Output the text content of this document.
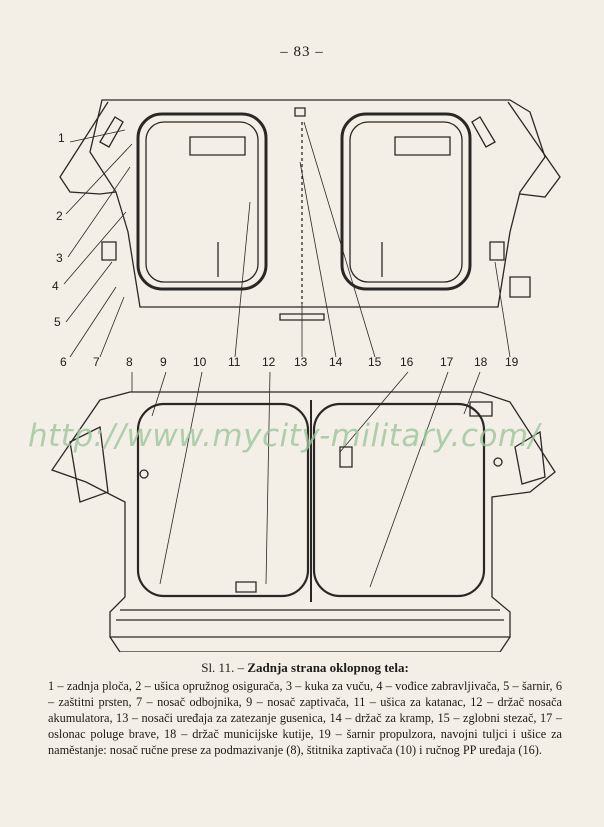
– 83 –
1
2
3
4
5
6 7	11	13 14 15	19
8 9 10	12	16 17 18
http://www.mycity-military.com/
Sl. 11. – Zadnja strana oklopnog tela:
1 – zadnja ploča, 2 – ušica opružnog osigurača, 3 – kuka za vuču, 4 – vođice zabravljivača, 5 – šarnir, 6 – zaštitni prsten, 7 – nosač odbojnika, 9 – nosač zaptivača, 11 – ušica za katanac, 12 – držač nosača akumulatora, 13 – nosači uređaja za zatezanje gusenica, 14 – držač za kramp, 15 – zglobni stezač, 17 – oslonac poluge brave, 18 – držač municijske kutije, 19 – šarnir propulzora, navojni tuljci i ušice za naměstanje: nosač ručne prese za podmazivanje (8), štitnika zaptivača (10) i ručnog PP uređaja (16).
